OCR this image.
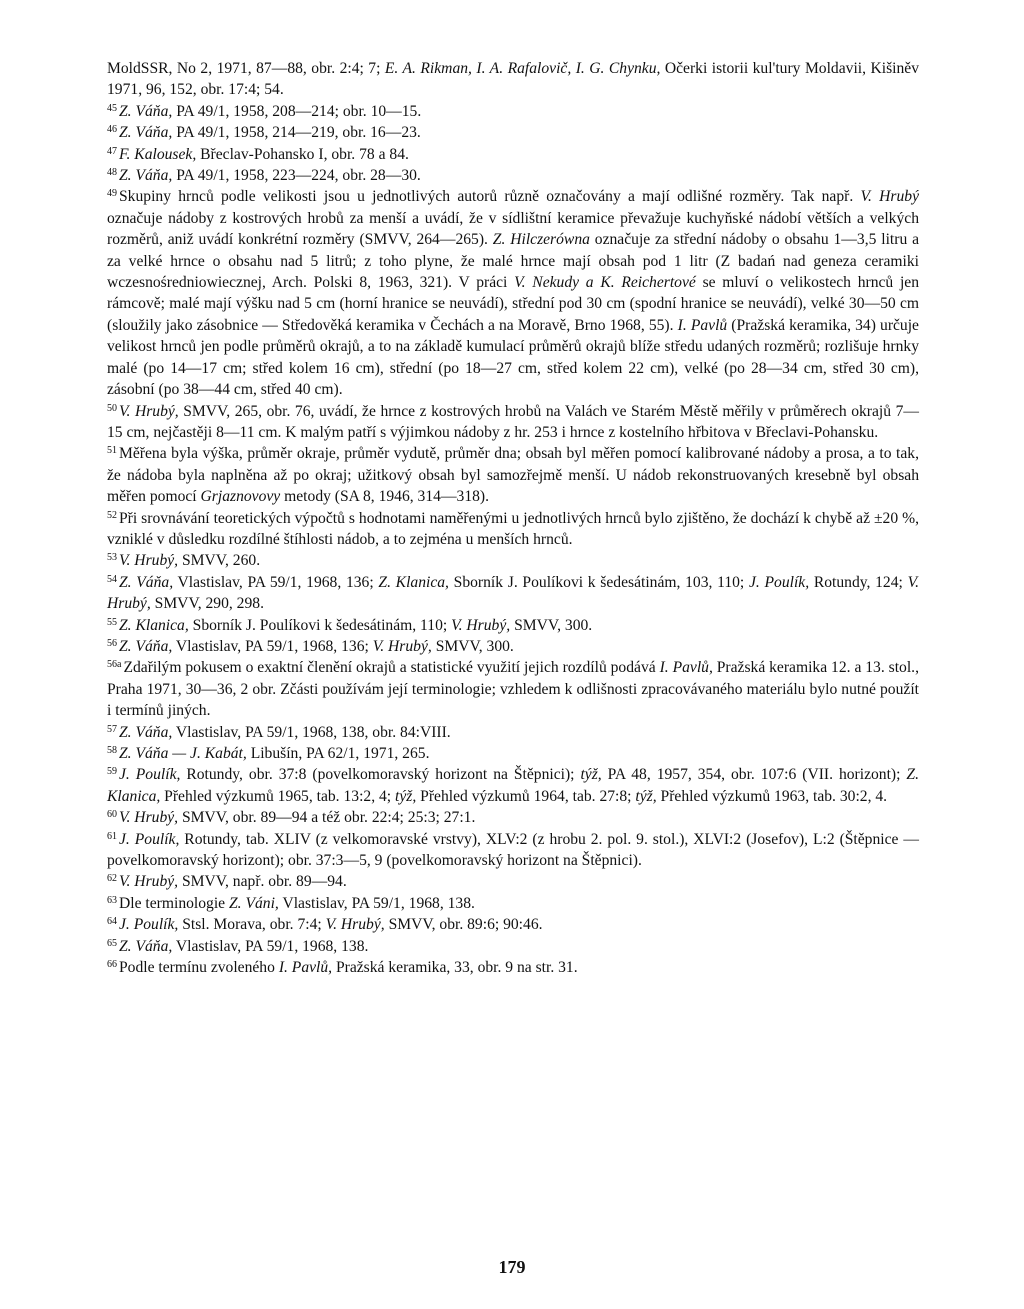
MoldSSR, No 2, 1971, 87—88, obr. 2:4; 7; E. A. Rikman, I. A. Rafalovič, I. G. Chynku, Očerki istorii kul'tury Moldavii, Kišiněv 1971, 96, 152, obr. 17:4; 54.

$^{45}$ Z. Váňa, PA 49/1, 1958, 208—214; obr. 10—15.

$^{46}$ Z. Váňa, PA 49/1, 1958, 214—219, obr. 16—23.

$^{47}$ F. Kalousek, Břeclav-Pohansko I, obr. 78 a 84.

$^{48}$ Z. Váňa, PA 49/1, 1958, 223—224, obr. 28—30.

$^{49}$ Skupiny hrnců podle velikosti jsou u jednotlivých autorů různě označovány a mají odlišné rozměry. Tak např. V. Hrubý označuje nádoby z kostrových hrobů za menší a uvádí, že v sídlištní keramice převažuje kuchyňské nádobí větších a velkých rozměrů, aniž uvádí konkrétní rozměry (SMVV, 264—265). Z. Hilczerówna označuje za střední nádoby o obsahu 1—3,5 litru a za velké hrnce o obsahu nad 5 litrů; z toho plyne, že malé hrnce mají obsah pod 1 litr (Z badań nad geneza ceramiki wczesnośredniowiecznej, Arch. Polski 8, 1963, 321). V práci V. Nekudy a K. Reichertové se mluví o velikostech hrnců jen rámcově; malé mají výšku nad 5 cm (horní hranice se neuvádí), střední pod 30 cm (spodní hranice se neuvádí), velké 30—50 cm (sloužily jako zásobnice — Středověká keramika v Čechách a na Moravě, Brno 1968, 55). I. Pavlů (Pražská keramika, 34) určuje velikost hrnců jen podle průměrů okrajů, a to na základě kumulací průměrů okrajů blíže středu udaných rozměrů; rozlišuje hrnky malé (po 14—17 cm; střed kolem 16 cm), střední (po 18—27 cm, střed kolem 22 cm), velké (po 28—34 cm, střed 30 cm), zásobní (po 38—44 cm, střed 40 cm).

$^{50}$ V. Hrubý, SMVV, 265, obr. 76, uvádí, že hrnce z kostrových hrobů na Valách ve Starém Městě měřily v průměrech okrajů 7—15 cm, nejčastěji 8—11 cm. K malým patří s výjimkou nádoby z hr. 253 i hrnce z kostelního hřbitova v Břeclavi-Pohansku.

$^{51}$ Měřena byla výška, průměr okraje, průměr vydutě, průměr dna; obsah byl měřen pomocí kalibrované nádoby a prosa, a to tak, že nádoba byla naplněna až po okraj; užitkový obsah byl samozřejmě menší. U nádob rekonstruovaných kresebně byl obsah měřen pomocí Grjaznovovy metody (SA 8, 1946, 314—318).

$^{52}$ Při srovnávání teoretických výpočtů s hodnotami naměřenými u jednotlivých hrnců bylo zjištěno, že dochází k chybě až ±20 %, vzniklé v důsledku rozdílné štíhlosti nádob, a to zejména u menších hrnců.

$^{53}$ V. Hrubý, SMVV, 260.

$^{54}$ Z. Váňa, Vlastislav, PA 59/1, 1968, 136; Z. Klanica, Sborník J. Poulíkovi k šedesátinám, 103, 110; J. Poulík, Rotundy, 124; V. Hrubý, SMVV, 290, 298.

$^{55}$ Z. Klanica, Sborník J. Poulíkovi k šedesátinám, 110; V. Hrubý, SMVV, 300.

$^{56}$ Z. Váňa, Vlastislav, PA 59/1, 1968, 136; V. Hrubý, SMVV, 300.

$^{56a}$ Zdařilým pokusem o exaktní členění okrajů a statistické využití jejich rozdílů podává I. Pavlů, Pražská keramika 12. a 13. stol., Praha 1971, 30—36, 2 obr. Zčásti používám její terminologie; vzhledem k odlišnosti zpracovávaného materiálu bylo nutné použít i termínů jiných.

$^{57}$ Z. Váňa, Vlastislav, PA 59/1, 1968, 138, obr. 84:VIII.

$^{58}$ Z. Váňa — J. Kabát, Libušín, PA 62/1, 1971, 265.

$^{59}$ J. Poulík, Rotundy, obr. 37:8 (povelkomoravský horizont na Štěpnici); týž, PA 48, 1957, 354, obr. 107:6 (VII. horizont); Z. Klanica, Přehled výzkumů 1965, tab. 13:2, 4; týž, Přehled výzkumů 1964, tab. 27:8; týž, Přehled výzkumů 1963, tab. 30:2, 4.

$^{60}$ V. Hrubý, SMVV, obr. 89—94 a též obr. 22:4; 25:3; 27:1.

$^{61}$ J. Poulík, Rotundy, tab. XLIV (z velkomoravské vrstvy), XLV:2 (z hrobu 2. pol. 9. stol.), XLVI:2 (Josefov), L:2 (Štěpnice — povelkomoravský horizont); obr. 37:3—5, 9 (povelkomoravský horizont na Štěpnici).

$^{62}$ V. Hrubý, SMVV, např. obr. 89—94.

$^{63}$ Dle terminologie Z. Váni, Vlastislav, PA 59/1, 1968, 138.

$^{64}$ J. Poulík, Stsl. Morava, obr. 7:4; V. Hrubý, SMVV, obr. 89:6; 90:46.

$^{65}$ Z. Váňa, Vlastislav, PA 59/1, 1968, 138.

$^{66}$ Podle termínu zvoleného I. Pavlů, Pražská keramika, 33, obr. 9 na str. 31.

179
